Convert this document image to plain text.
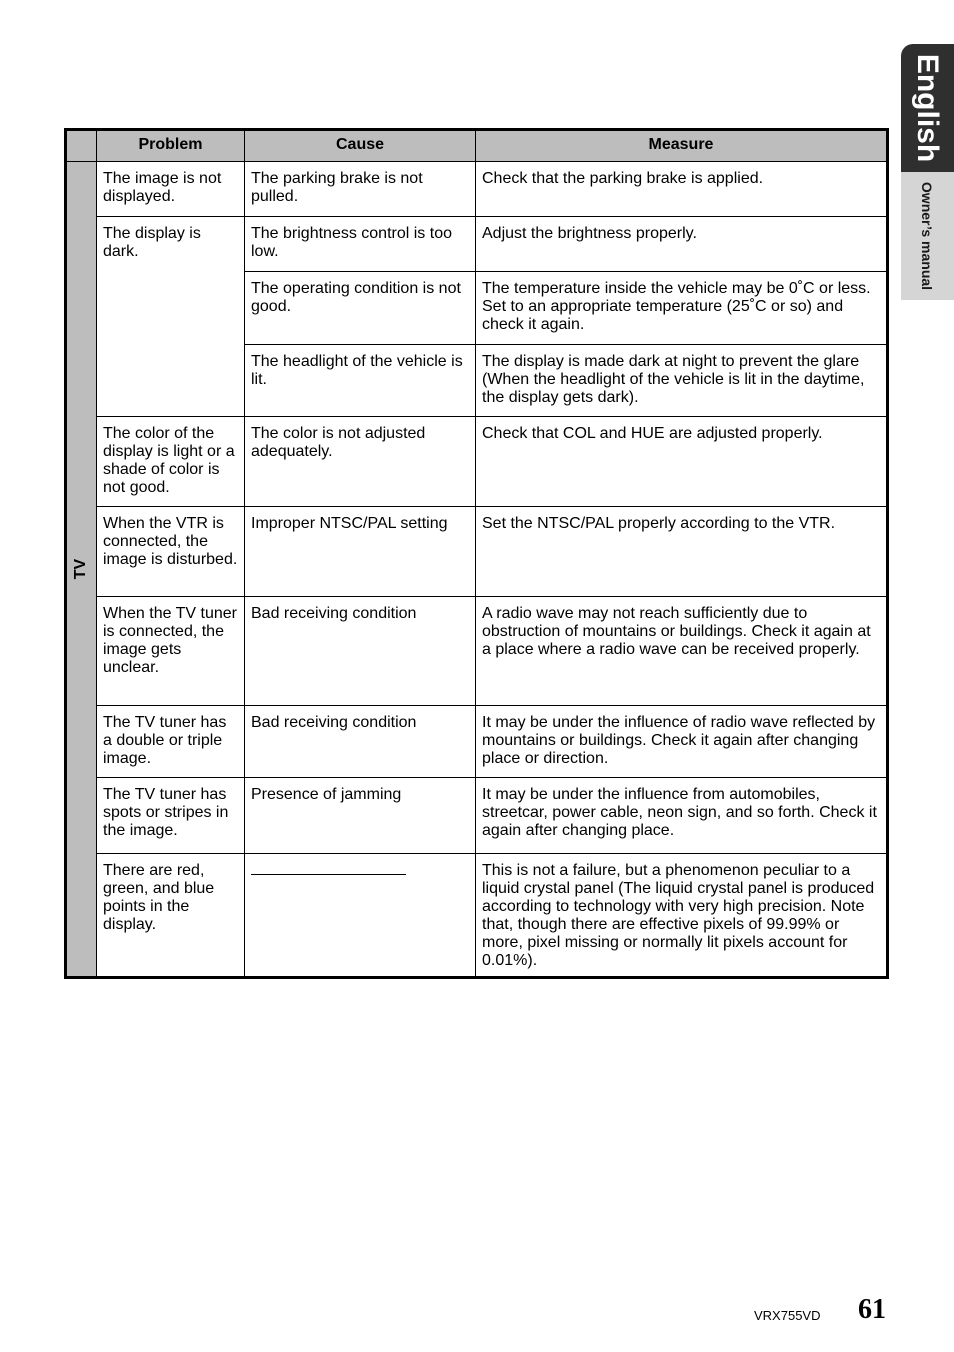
English
Owner’s manual
	Problem	Cause	Measure
TV	The image is not displayed.	The parking brake is not pulled.	Check that the parking brake is applied.
	The display is dark.	The brightness control is too low.	Adjust the brightness properly.
		The operating condition is not good.	The temperature inside the vehicle may be 0˚C or less. Set to an appropriate temperature (25˚C or so) and check it again.
		The headlight of the vehicle is lit.	The display is made dark at night to prevent the glare (When the headlight of the vehicle is lit in the daytime, the display gets dark).
	The color of the display is light or a shade of color is not good.	The color is not adjusted adequately.	Check that COL and HUE are adjusted properly.
	When the VTR is connected, the image is disturbed.	Improper NTSC/PAL setting	Set the NTSC/PAL properly according to the VTR.
	When the TV tuner is connected, the image gets unclear.	Bad receiving condition	A radio wave may not reach sufficiently due to obstruction of mountains or buildings. Check it again at a place where a radio wave can be received properly.
	The TV tuner has a double or triple image.	Bad receiving condition	It may be under the influence of radio wave reflected by mountains or buildings. Check it again after changing place or direction.
	The TV tuner has spots or stripes in the image.	Presence of jamming	It may be under the influence from automobiles, streetcar, power cable, neon sign, and so forth. Check it again after changing place.
	There are red, green, and blue points in the display.		This is not a failure, but a phenomenon peculiar to a liquid crystal panel (The liquid crystal panel is produced according to technology with very high precision. Note that, though there are effective pixels of 99.99% or more, pixel missing or normally lit pixels account for 0.01%).
VRX755VD 61
